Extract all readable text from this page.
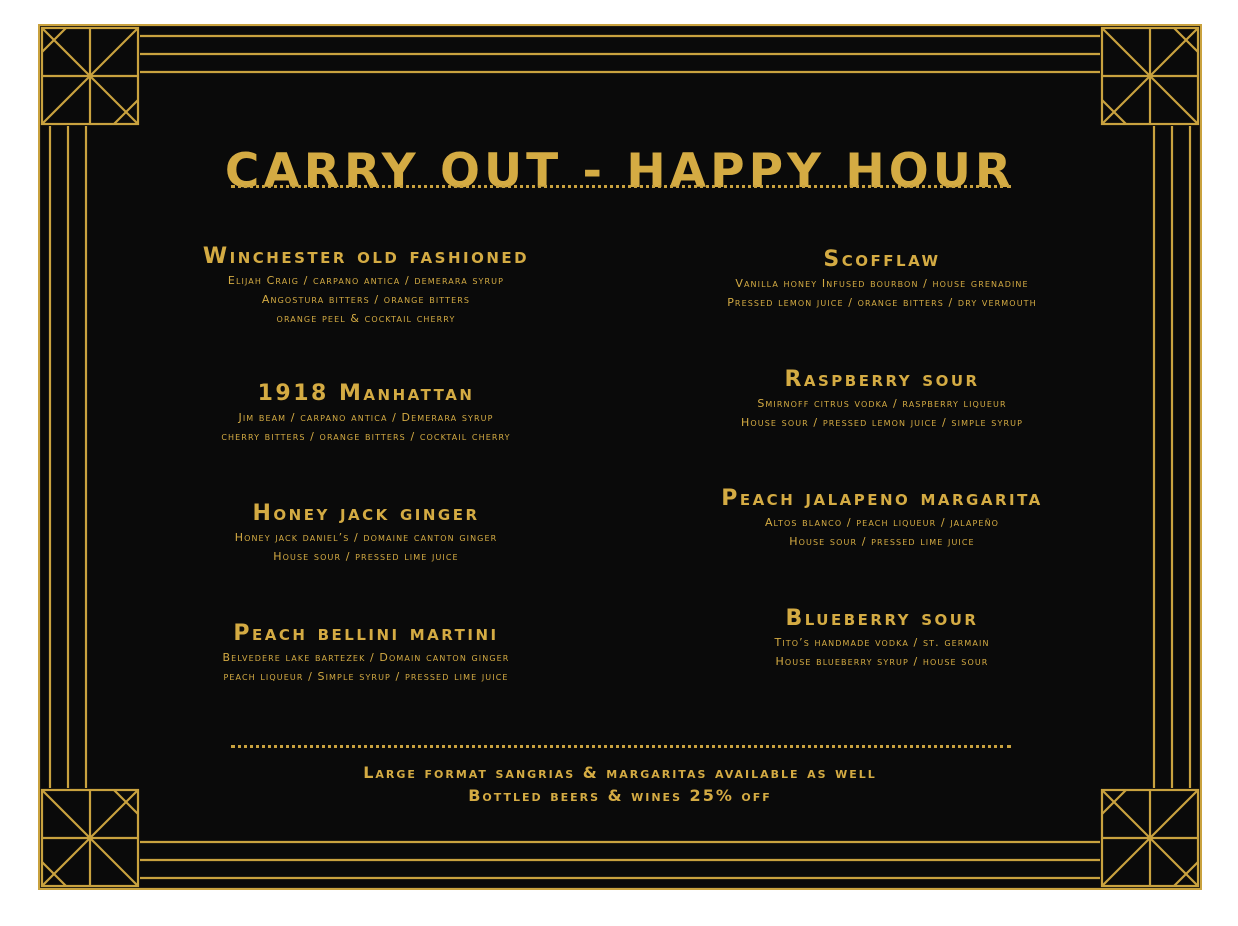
CARRY OUT - HAPPY HOUR
Winchester old fashioned

Elijah Craig / carpano antica / demerara syrup

Angostura bitters / orange bitters

orange peel & cocktail cherry

1918 Manhattan

Jim beam / carpano antica / Demerara syrup

cherry bitters / orange bitters / cocktail cherry

Honey jack ginger

Honey jack daniel’s / domaine canton ginger

House sour / pressed lime juice

Peach bellini martini

Belvedere lake bartezek / Domain canton ginger

peach liqueur / Simple syrup / pressed lime juice

Scofflaw

Vanilla honey Infused bourbon / house grenadine

Pressed lemon juice / orange bitters / dry vermouth

Raspberry sour

Smirnoff citrus vodka / raspberry liqueur

House sour / pressed lemon juice / simple syrup

Peach jalapeno margarita

Altos blanco / peach liqueur / jalapeño

House sour / pressed lime juice

Blueberry sour

Tito’s handmade vodka / st. germain

House blueberry syrup / house sour

Large format sangrias & margaritas available as well
Bottled beers & wines 25% off
